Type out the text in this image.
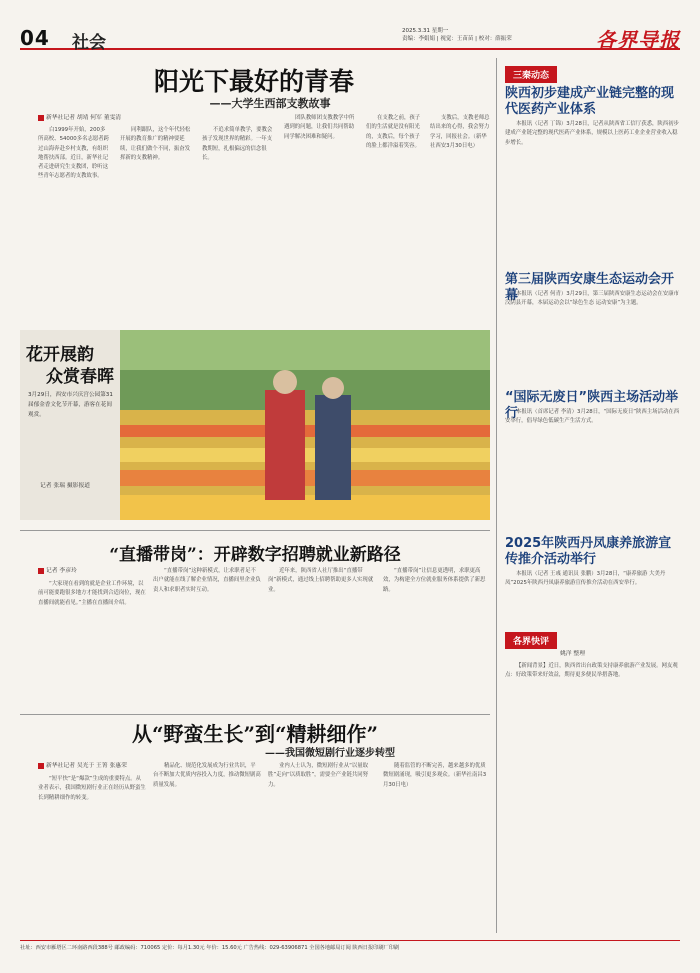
04 社会
2025.3.31 星期一
责编：李娟娟 | 视觉：王苗苗 | 校对：薛振荣	各界导报
阳光下最好的青春
——大学生西部支教故事
新华社记者 胡靖 何军 董雯清

白1999年开始，200多所高校、54000多名志愿者跨过山海奔赴乡村支教，有组织地帮扶西部。近日，新华社记者走进研究生支教团，聆听这些青年志愿者的支教故事。

同利跟队，这个年代轻松开展的教育推广的精神要延续，让我们做个不同，振奋发挥新的支教精神。

不追求简单教学，要教会孩子发现世界的精彩。一年支教期短，扎根偏远的信念很长。

团队教师团支教教学中所遇到的问题，让我们共同帮助同学解决困难和疑问。

在支教之前，孩子们的生活就是没有阳光的，支教后，每个孩子的脸上都洋溢着笑容。

支教后，支教老师总结出来的心得，我会努力学习，回报社会。（新华社西安3月30日电）

花开展韵
众赏春晖
3月29日，西安市兴庆宫公园第31届郁金香文化节开幕，游客在花间观赏。
记者 张瑞 摄影报道
“直播带岗”：开辟数字招聘就业新路径
记者 李彦玲

“大家现在看到的就是企业工作环境，以前可能要跑很多地方才能找到合适岗位，现在直播间就能看见。”主播在直播间介绍。

“直播带岗”这种新模式，让求职者足不出户就能在线了解企业情况，直播间里企业负责人和求职者实时互动。

近年来，陕西省人社厅推出“直播带岗”新模式，通过线上招聘帮助更多人实现就业。

“直播带岗”让信息更透明，求职更高效，为构建全方位就业服务体系提供了新思路。

从“野蛮生长”到“精耕细作”
——我国微短剧行业逐步转型
新华社记者 吴光于 王箐 张惠荣

“短平快”是“爆款”生成的重要特点。从业者表示，我国微短剧行业正在经历从野蛮生长到精耕细作的转变。

精品化、规范化发展成为行业共识，平台不断加大优质内容投入力度，推动微短剧高质量发展。

业内人士认为，微短剧行业从“以量取胜”走向“以质取胜”，需要全产业链共同努力。

随着监管的不断完善，越来越多的优质微短剧涌现，吸引更多观众。（新华社南昌3月30日电）

三秦动态
陕西初步建成产业链完整的现代医药产业体系

本报讯（记者 丁锦）3月28日，记者从陕西省工信厅获悉，陕西初步建成产业链完整的现代医药产业体系，规模以上医药工业企业营业收入稳步增长。

第三届陕西安康生态运动会开幕

本报讯（记者 何青）3月29日，第三届陕西安康生态运动会在安康市汉阴县开幕，本届运动会以“绿色生态 运动安康”为主题。

“国际无废日”陕西主场活动举行

本报讯（首席记者 李清）3月28日，“国际无废日”陕西主场活动在西安举行，倡导绿色低碳生产生活方式。

2025年陕西丹凤康养旅游宣传推介活动举行

本报讯（记者 王彧 通讯员 张鹏）3月28日，“康养旅游 大美丹凤”2025年陕西丹凤康养旅游宣传推介活动在西安举行。

各界快评
姚洋 整理

【新闻背景】近日，陕西省出台政策支持康养旅游产业发展。网友观点：好政策带来好效益，期待更多便民举措落地。

社址：西安市雁塔区二环南路西段388号 邮政编码：710065 定价：每月1.30元 年价：15.60元 广告热线：029-63906871 全国各地邮局订阅 陕西日报印刷厂印刷
